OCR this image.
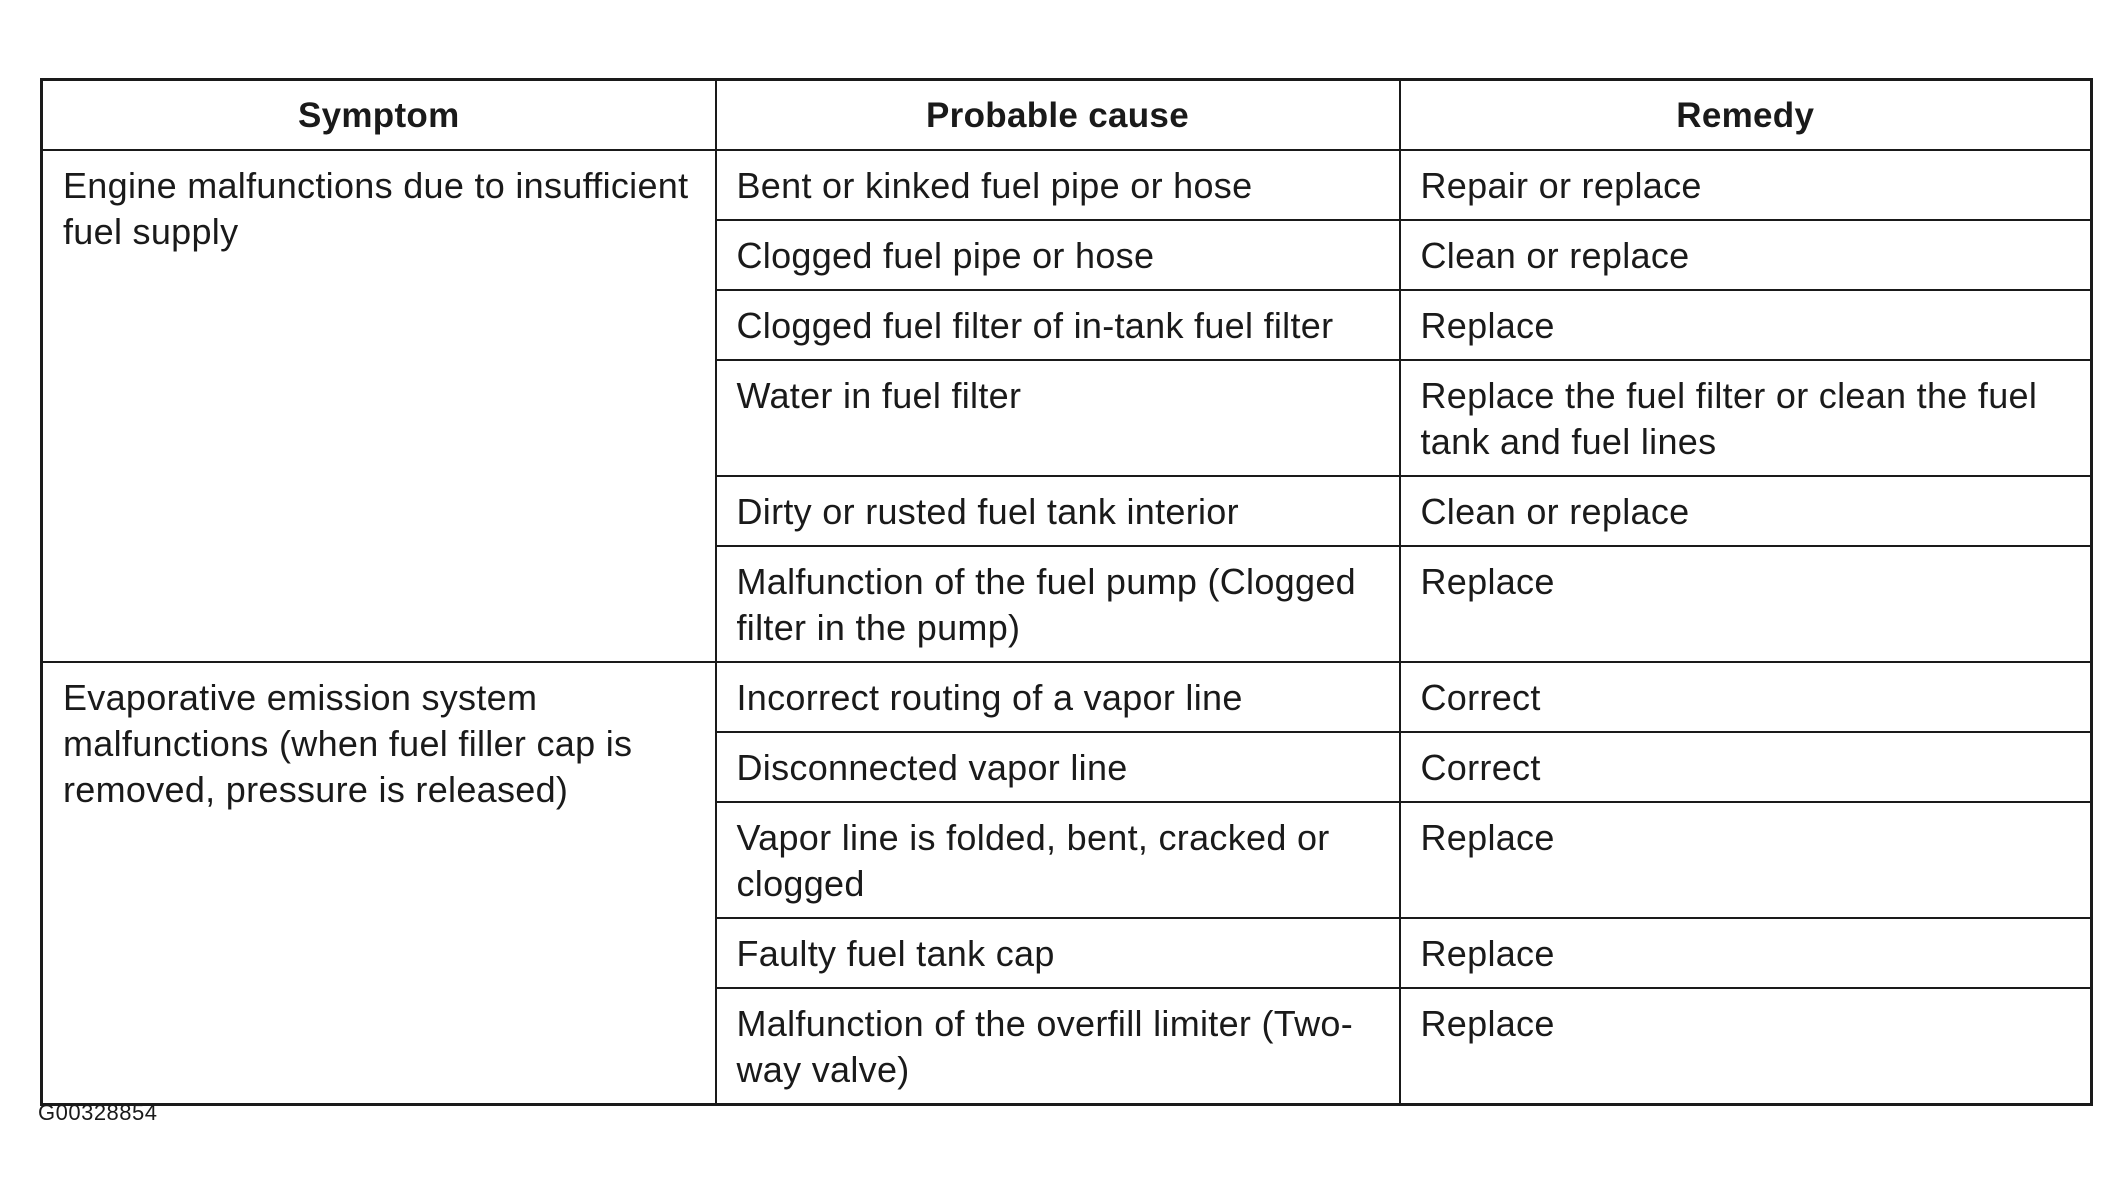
Symptom	Probable cause	Remedy
Engine malfunctions due to insufficient fuel supply	Bent or kinked fuel pipe or hose	Repair or replace
	Clogged fuel pipe or hose	Clean or replace
	Clogged fuel filter of in-tank fuel filter	Replace
	Water in fuel filter	Replace the fuel filter or clean the fuel tank and fuel lines
	Dirty or rusted fuel tank interior	Clean or replace
	Malfunction of the fuel pump (Clogged filter in the pump)	Replace
Evaporative emission system malfunctions (when fuel filler cap is removed, pressure is released)	Incorrect routing of a vapor line	Correct
	Disconnected vapor line	Correct
	Vapor line is folded, bent, cracked or clogged	Replace
	Faulty fuel tank cap	Replace
	Malfunction of the overfill limiter (Two-way valve)	Replace
G00328854
